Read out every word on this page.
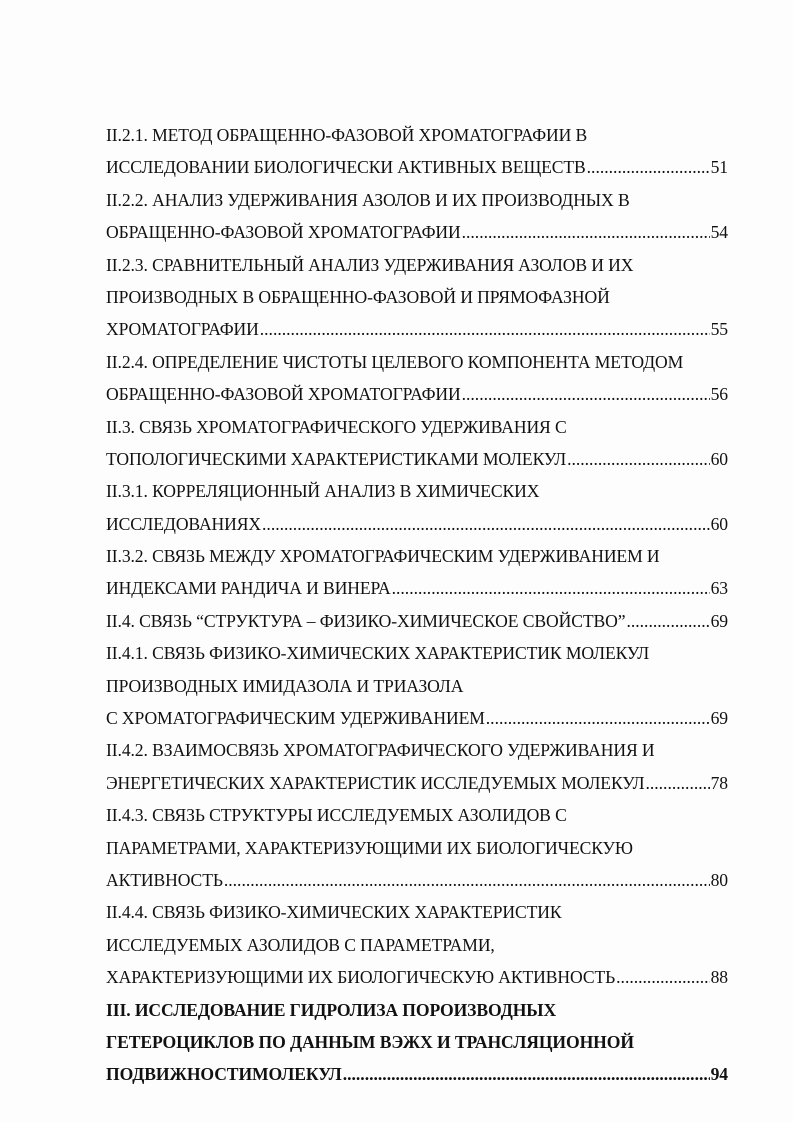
II.2.1. МЕТОД ОБРАЩЕННО-ФАЗОВОЙ ХРОМАТОГРАФИИ В
ИССЛЕДОВАНИИ БИОЛОГИЧЕСКИ АКТИВНЫХ ВЕЩЕСТВ .....	51
II.2.2. АНАЛИЗ УДЕРЖИВАНИЯ АЗОЛОВ И ИХ ПРОИЗВОДНЫХ В
ОБРАЩЕННО-ФАЗОВОЙ ХРОМАТОГРАФИИ .....	54
II.2.3. СРАВНИТЕЛЬНЫЙ АНАЛИЗ УДЕРЖИВАНИЯ АЗОЛОВ И ИХ
ПРОИЗВОДНЫХ В ОБРАЩЕННО-ФАЗОВОЙ И ПРЯМОФАЗНОЙ
ХРОМАТОГРАФИИ .....	55
II.2.4. ОПРЕДЕЛЕНИЕ ЧИСТОТЫ ЦЕЛЕВОГО КОМПОНЕНТА МЕТОДОМ
ОБРАЩЕННО-ФАЗОВОЙ ХРОМАТОГРАФИИ .....	56
II.3. СВЯЗЬ ХРОМАТОГРАФИЧЕСКОГО УДЕРЖИВАНИЯ С
ТОПОЛОГИЧЕСКИМИ ХАРАКТЕРИСТИКАМИ МОЛЕКУЛ .....	60
II.3.1. КОРРЕЛЯЦИОННЫЙ АНАЛИЗ В ХИМИЧЕСКИХ
ИССЛЕДОВАНИЯХ .....	60
II.3.2. СВЯЗЬ МЕЖДУ ХРОМАТОГРАФИЧЕСКИМ УДЕРЖИВАНИЕМ И
ИНДЕКСАМИ РАНДИЧА И ВИНЕРА .....	63
II.4. СВЯЗЬ “СТРУКТУРА – ФИЗИКО-ХИМИЧЕСКОЕ СВОЙСТВО” .....	69
II.4.1. СВЯЗЬ ФИЗИКО-ХИМИЧЕСКИХ ХАРАКТЕРИСТИК МОЛЕКУЛ
ПРОИЗВОДНЫХ ИМИДАЗОЛА И ТРИАЗОЛА
С ХРОМАТОГРАФИЧЕСКИМ УДЕРЖИВАНИЕМ .....	69
II.4.2. ВЗАИМОСВЯЗЬ ХРОМАТОГРАФИЧЕСКОГО УДЕРЖИВАНИЯ И
ЭНЕРГЕТИЧЕСКИХ ХАРАКТЕРИСТИК ИССЛЕДУЕМЫХ МОЛЕКУЛ .....	78
II.4.3. СВЯЗЬ СТРУКТУРЫ ИССЛЕДУЕМЫХ АЗОЛИДОВ С
ПАРАМЕТРАМИ, ХАРАКТЕРИЗУЮЩИМИ ИХ БИОЛОГИЧЕСКУЮ
АКТИВНОСТЬ .....	80
II.4.4. СВЯЗЬ ФИЗИКО-ХИМИЧЕСКИХ ХАРАКТЕРИСТИК
ИССЛЕДУЕМЫХ АЗОЛИДОВ С ПАРАМЕТРАМИ,
ХАРАКТЕРИЗУЮЩИМИ ИХ БИОЛОГИЧЕСКУЮ АКТИВНОСТЬ .....	88
III. ИССЛЕДОВАНИЕ ГИДРОЛИЗА ПОРОИЗВОДНЫХ
ГЕТЕРОЦИКЛОВ ПО ДАННЫМ ВЭЖХ И ТРАНСЛЯЦИОННОЙ
ПОДВИЖНОСТИМОЛЕКУЛ .....	94
